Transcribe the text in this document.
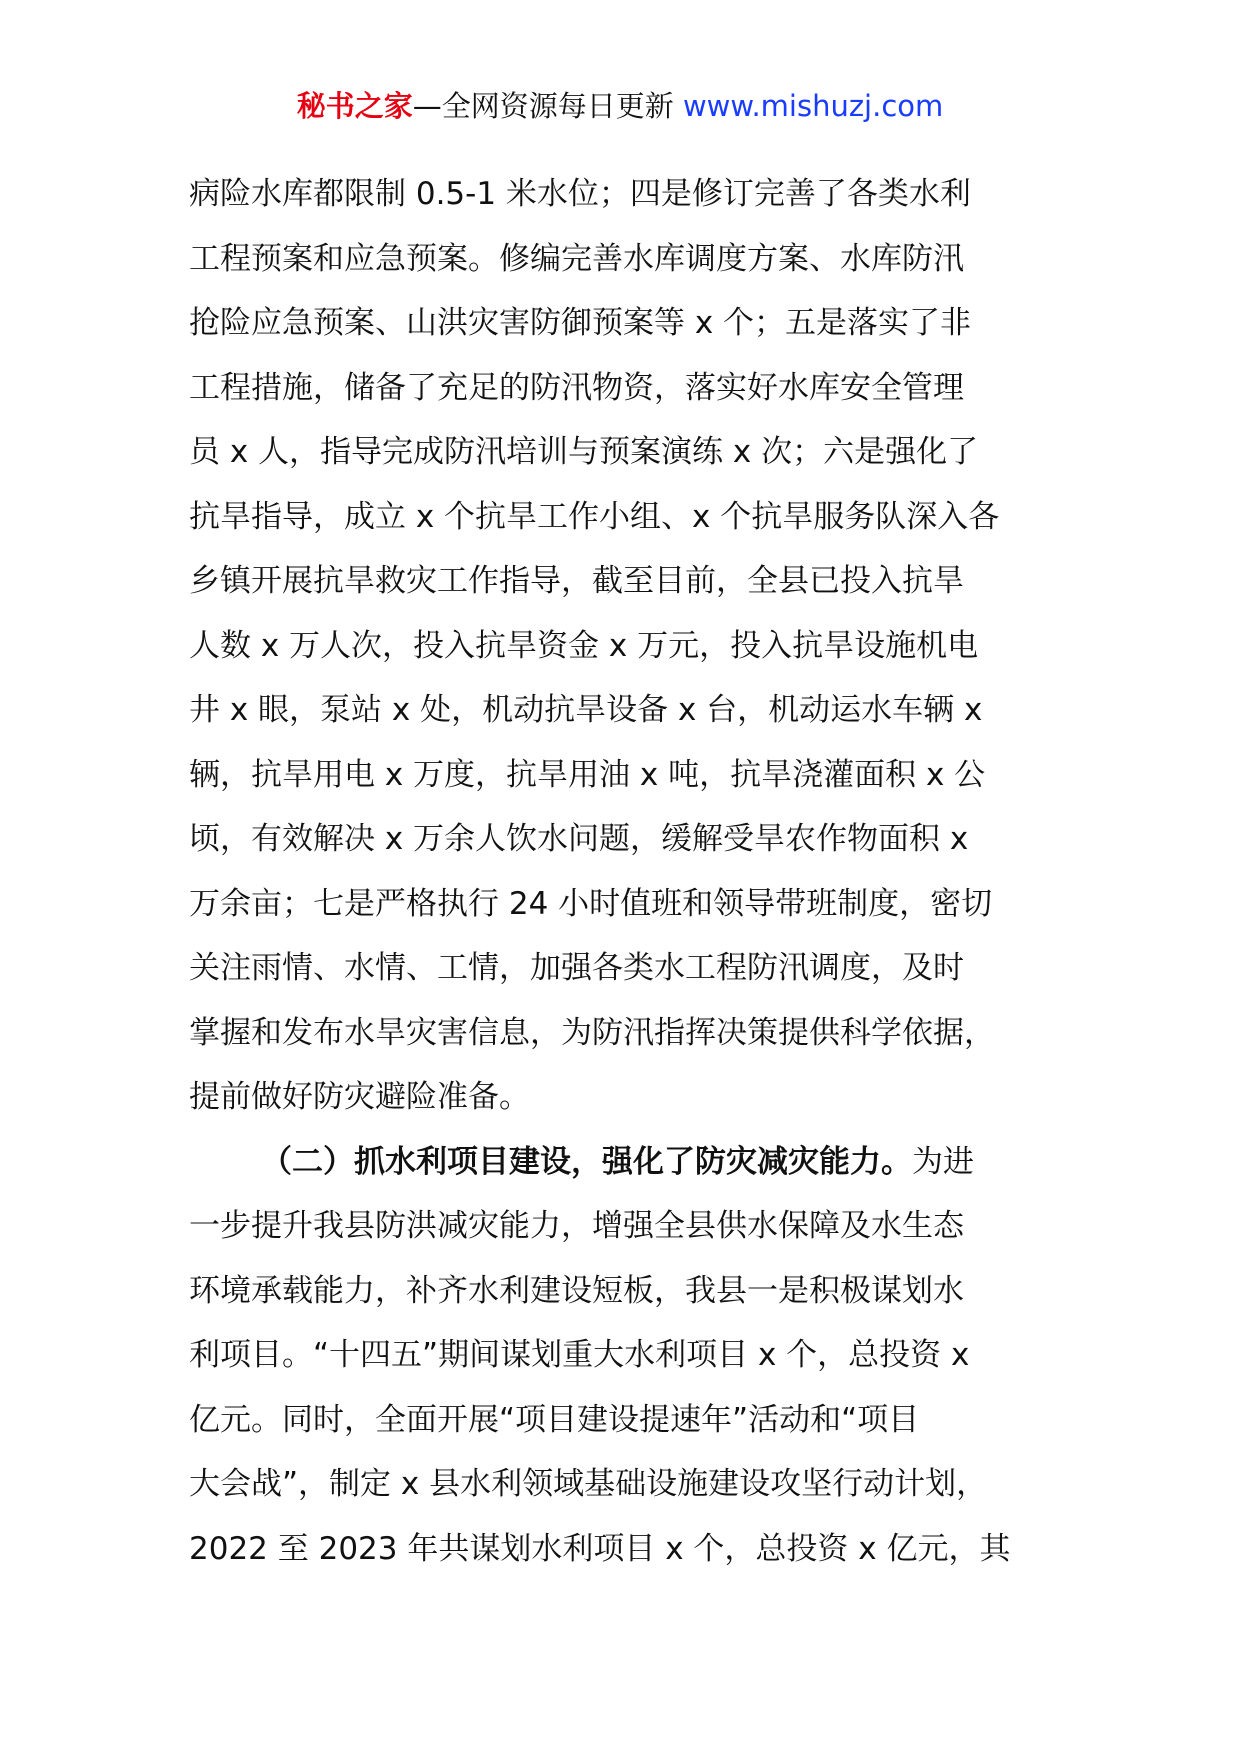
秘书之家—全网资源每日更新 www.mishuzj.com
病险水库都限制 0.5-1 米水位；四是修订完善了各类水利
工程预案和应急预案。修编完善水库调度方案、水库防汛
抢险应急预案、山洪灾害防御预案等 x 个；五是落实了非
工程措施，储备了充足的防汛物资，落实好水库安全管理
员 x 人，指导完成防汛培训与预案演练 x 次；六是强化了
抗旱指导，成立 x 个抗旱工作小组、x 个抗旱服务队深入各
乡镇开展抗旱救灾工作指导，截至目前，全县已投入抗旱
人数 x 万人次，投入抗旱资金 x 万元，投入抗旱设施机电
井 x 眼，泵站 x 处，机动抗旱设备 x 台，机动运水车辆 x
辆，抗旱用电 x 万度，抗旱用油 x 吨，抗旱浇灌面积 x 公
顷，有效解决 x 万余人饮水问题，缓解受旱农作物面积 x
万余亩；七是严格执行 24 小时值班和领导带班制度，密切
关注雨情、水情、工情，加强各类水工程防汛调度，及时
掌握和发布水旱灾害信息，为防汛指挥决策提供科学依据，
提前做好防灾避险准备。
（二）抓水利项目建设，强化了防灾减灾能力。为进
一步提升我县防洪减灾能力，增强全县供水保障及水生态
环境承载能力，补齐水利建设短板，我县一是积极谋划水
利项目。“十四五”期间谋划重大水利项目 x 个，总投资 x
亿元。同时，全面开展“项目建设提速年”活动和“项目
大会战”，制定 x 县水利领域基础设施建设攻坚行动计划，
2022 至 2023 年共谋划水利项目 x 个，总投资 x 亿元，其
